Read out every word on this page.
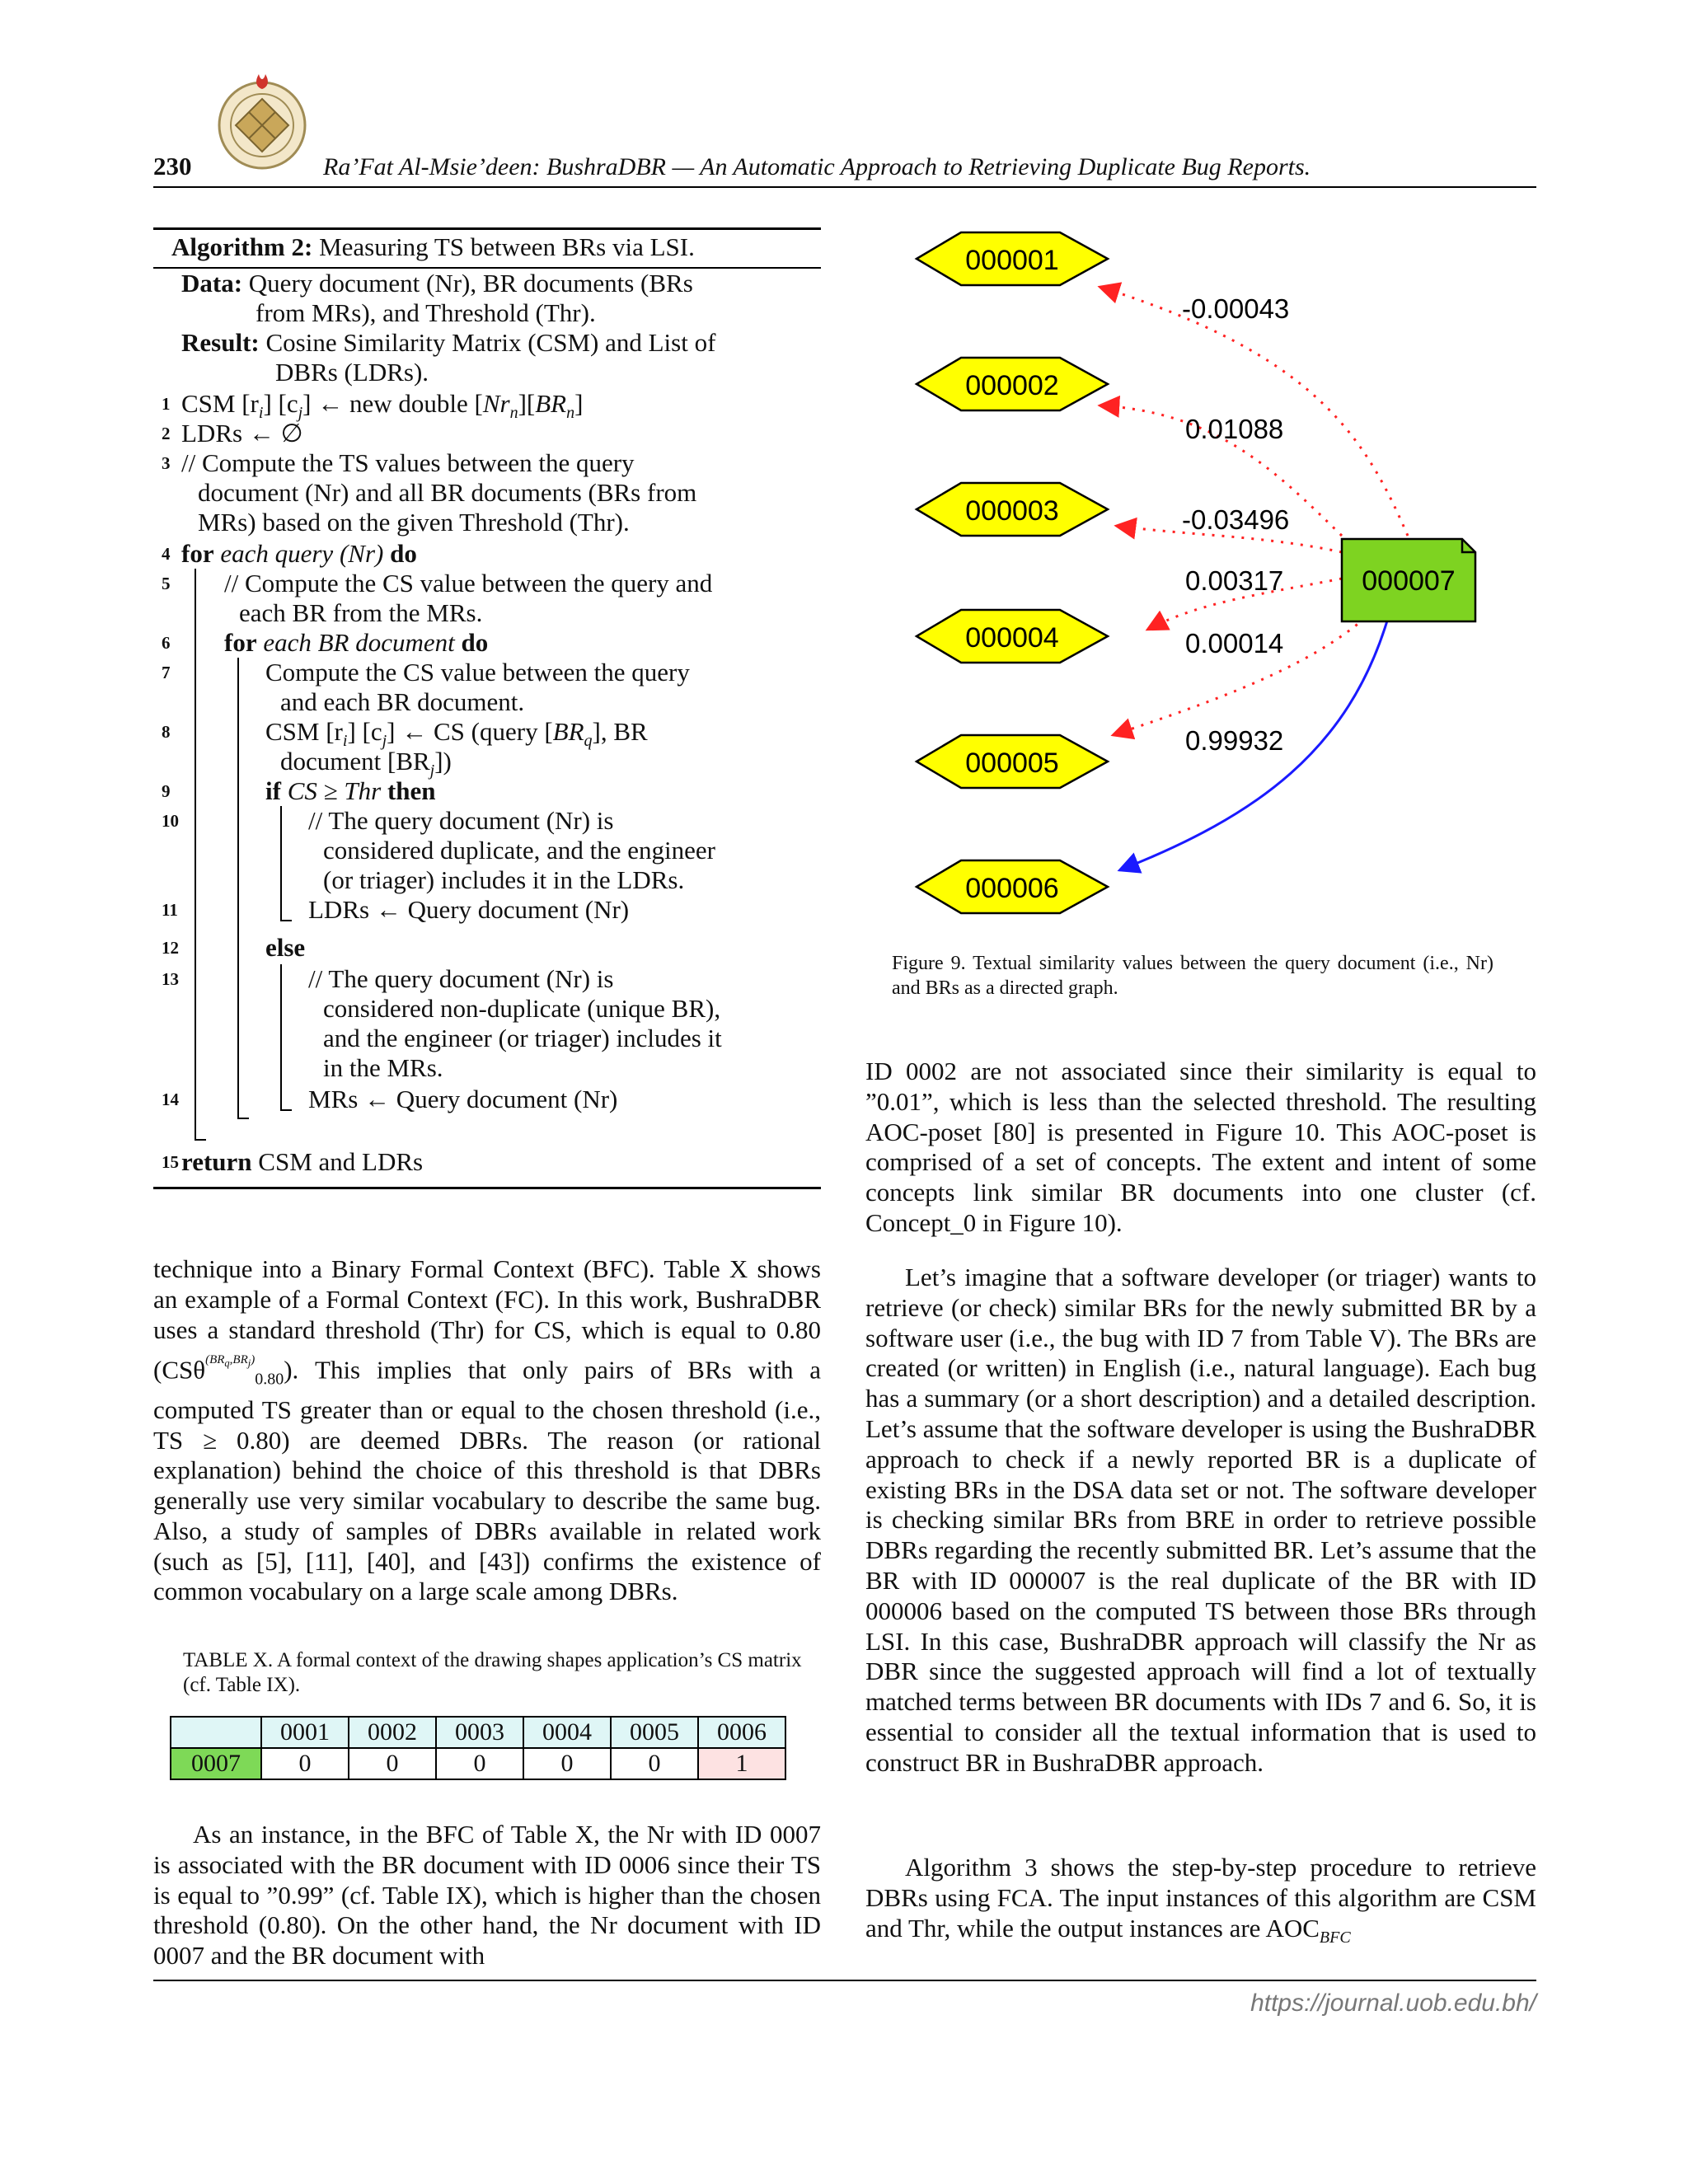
230	Ra’Fat Al-Msie’deen: BushraDBR — An Automatic Approach to Retrieving Duplicate Bug Reports.
Algorithm 2: Measuring TS between BRs via LSI.
Data: Query document (Nr), BR documents (BRs
from MRs), and Threshold (Thr).
Result: Cosine Similarity Matrix (CSM) and List of
DBRs (LDRs).
1
2
3
4
5
6
7
8
9
10
11
12
13
14
15
CSM $[r_i]$ $[c_j]$ ← new double $[Nr_n][BR_n]$
LDRs ← ∅
// Compute the TS values between the query
document (Nr) and all BR documents (BRs from
MRs) based on the given Threshold (Thr).
for each query (Nr) do
// Compute the CS value between the query and
each BR from the MRs.
for each BR document do
Compute the CS value between the query
and each BR document.
CSM $[r_i]$ $[c_j]$ ← CS (query $[BR_q]$, BR
document $[BR_j]$)
if CS ≥ Thr then
// The query document (Nr) is
considered duplicate, and the engineer
(or triager) includes it in the LDRs.
LDRs ← Query document (Nr)
else
// The query document (Nr) is
considered non-duplicate (unique BR),
and the engineer (or triager) includes it
in the MRs.
MRs ← Query document (Nr)
return CSM and LDRs

technique into a Binary Formal Context (BFC). Table X shows an example of a Formal Context (FC). In this work, BushraDBR uses a standard threshold (Thr) for CS, which is equal to 0.80 (CSθ$^{^{(BR_q,BR_j)}}_{0.80}$). This implies that only pairs of BRs with a computed TS greater than or equal to the chosen threshold (i.e., TS ≥ 0.80) are deemed DBRs. The reason (or rational explanation) behind the choice of this threshold is that DBRs generally use very similar vocabulary to describe the same bug. Also, a study of samples of DBRs available in related work (such as [5], [11], [40], and [43]) confirms the existence of common vocabulary on a large scale among DBRs.

TABLE X. A formal context of the drawing shapes application’s CS matrix (cf. Table IX).
	0001	0002	0003	0004	0005	0006
0007	0	0	0	0	0	1

As an instance, in the BFC of Table X, the Nr with ID 0007 is associated with the BR document with ID 0006 since their TS is equal to ”0.99” (cf. Table IX), which is higher than the chosen threshold (0.80). On the other hand, the Nr document with ID 0007 and the BR document with

-0.00043
0.01088
-0.03496
0.00317
0.00014
0.99932
000001
000002
000003
000004
000005
000006
000007
Figure 9. Textual similarity values between the query document (i.e., Nr) and BRs as a directed graph.

ID 0002 are not associated since their similarity is equal to ”0.01”, which is less than the selected threshold. The resulting AOC-poset [80] is presented in Figure 10. This AOC-poset is comprised of a set of concepts. The extent and intent of some concepts link similar BR documents into one cluster (cf. Concept_0 in Figure 10).

Let’s imagine that a software developer (or triager) wants to retrieve (or check) similar BRs for the newly submitted BR by a software user (i.e., the bug with ID 7 from Table V). The BRs are created (or written) in English (i.e., natural language). Each bug has a summary (or a short description) and a detailed description. Let’s assume that the software developer is using the BushraDBR approach to check if a newly reported BR is a duplicate of existing BRs in the DSA data set or not. The software developer is checking similar BRs from BRE in order to retrieve possible DBRs regarding the recently submitted BR. Let’s assume that the BR with ID 000007 is the real duplicate of the BR with ID 000006 based on the computed TS between those BRs through LSI. In this case, BushraDBR approach will classify the Nr as DBR since the suggested approach will find a lot of textually matched terms between BR documents with IDs 7 and 6. So, it is essential to consider all the textual information that is used to construct BR in BushraDBR approach.

Algorithm 3 shows the step-by-step procedure to retrieve DBRs using FCA. The input instances of this algorithm are CSM and Thr, while the output instances are $AOC_{BFC}$

https://journal.uob.edu.bh/
